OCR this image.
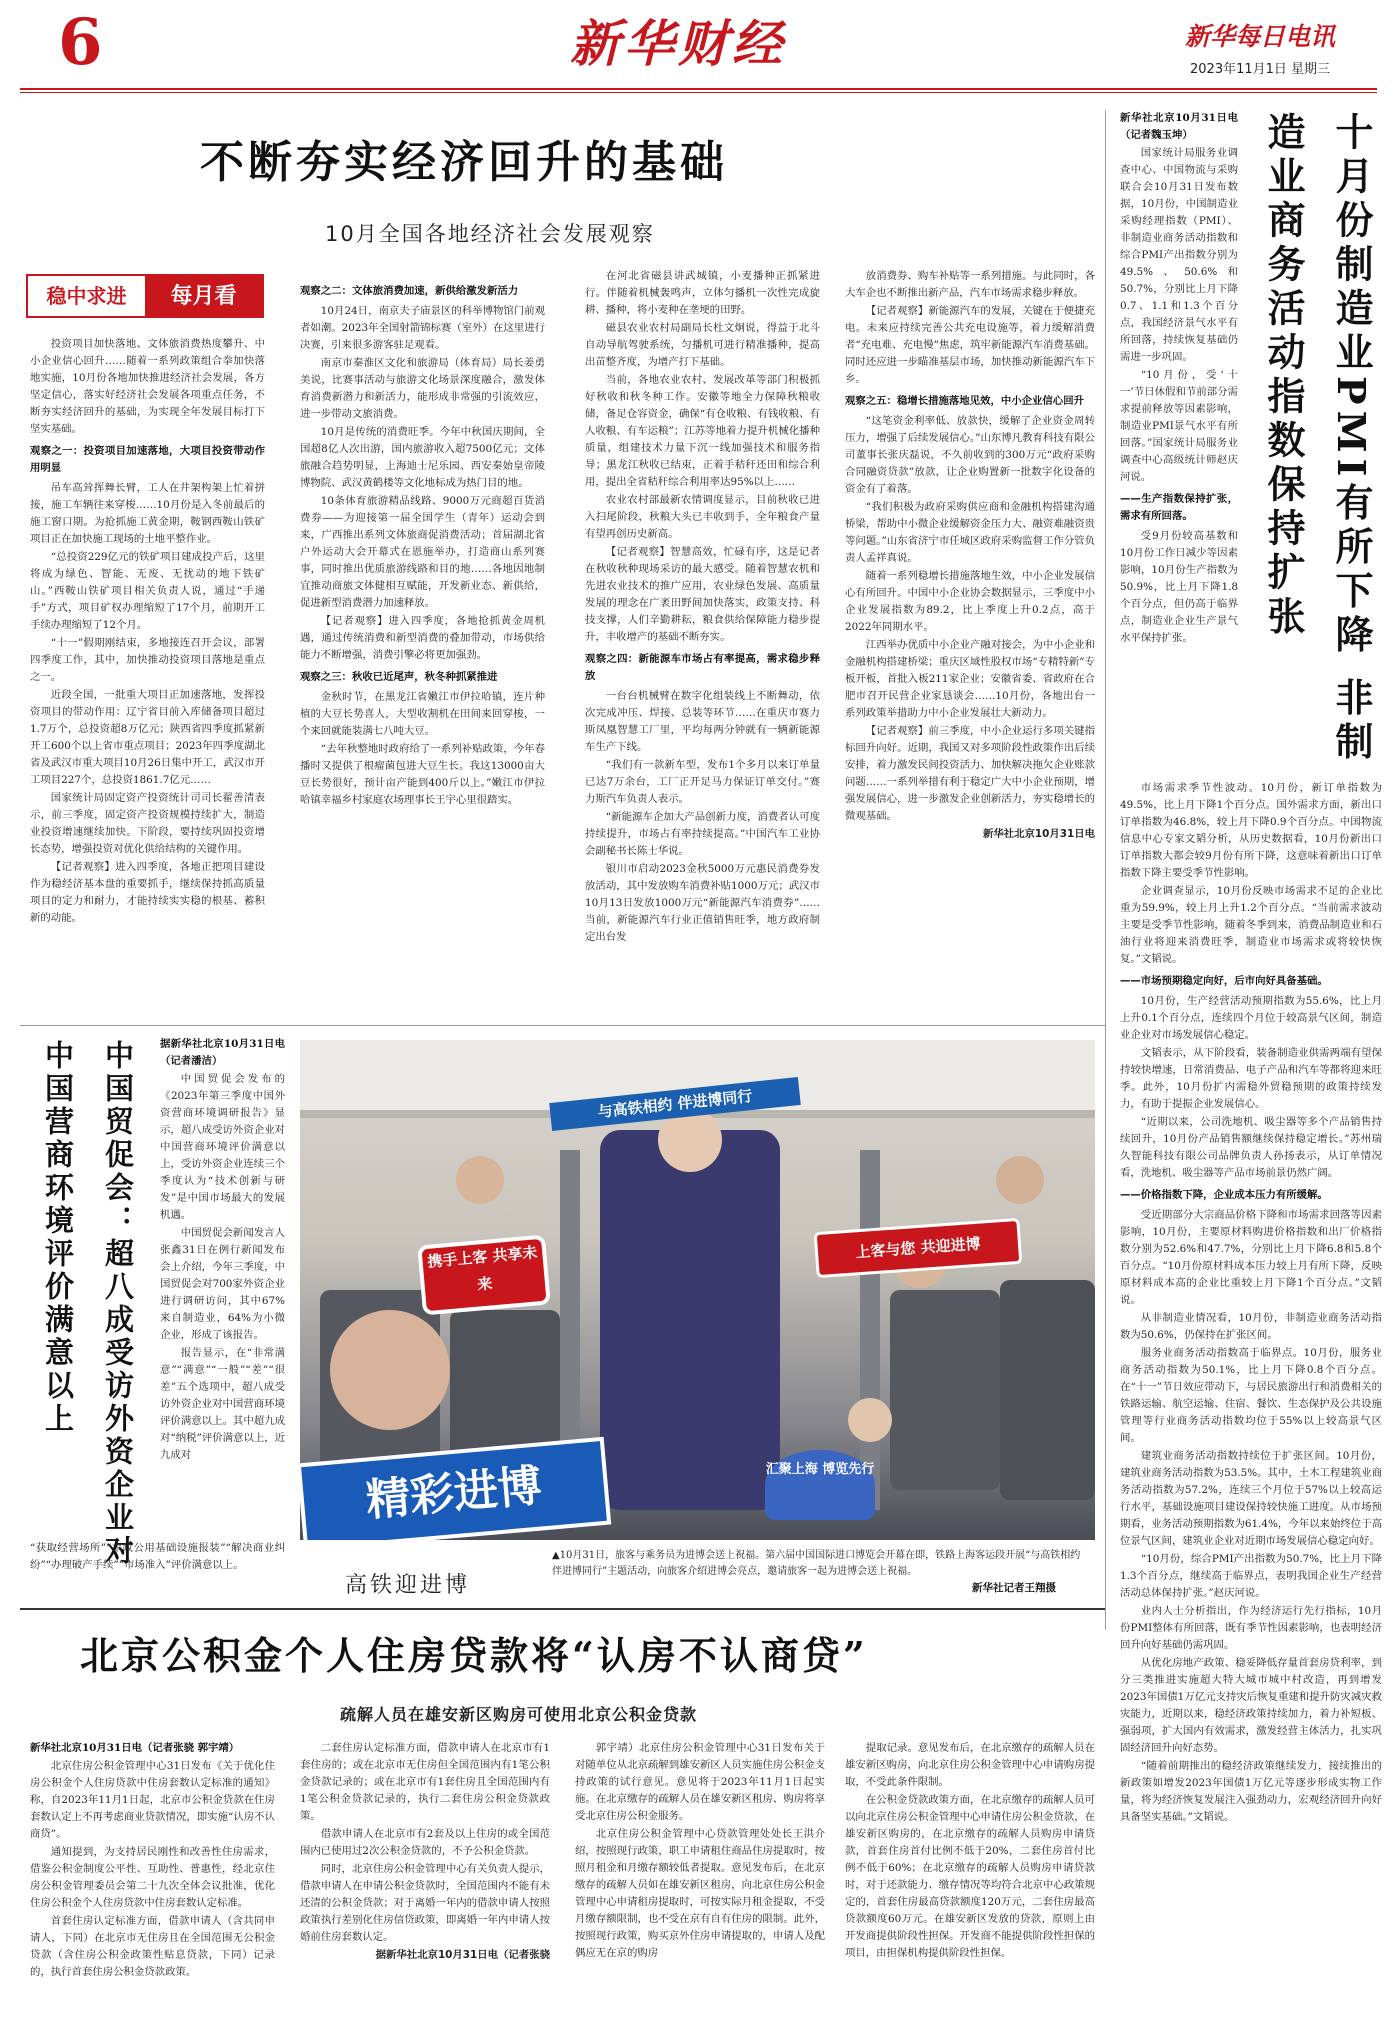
6	新华财经	新华每日电讯
2023年11月1日 星期三
不断夯实经济回升的基础
10月全国各地经济社会发展观察
稳中求进	每月看

投资项目加快落地、文体旅消费热度攀升、中小企业信心回升……随着一系列政策组合拳加快落地实施，10月份各地加快推进经济社会发展，各方坚定信心，落实好经济社会发展各项重点任务，不断夯实经济回升的基础，为实现全年发展目标打下坚实基础。

观察之一：投资项目加速落地，大项目投资带动作用明显

吊车高耸挥舞长臂，工人在井架构架上忙着拼接，施工车辆往来穿梭……10月份是入冬前最后的施工窗口期。为抢抓施工黄金期，鞍钢西鞍山铁矿项目正在加快施工现场的土地平整作业。

“总投资229亿元的铁矿项目建成投产后，这里将成为绿色、智能、无废、无扰动的地下铁矿山。”西鞍山铁矿项目相关负责人说，通过“手递手”方式，项目矿权办理缩短了17个月，前期开工手续办理缩短了12个月。

“十一”假期刚结束，多地接连召开会议，部署四季度工作，其中，加快推动投资项目落地是重点之一。

近段全国，一批重大项目正加速落地，发挥投资项目的带动作用：辽宁省目前入库储备项目超过1.7万个，总投资超8万亿元；陕西省四季度抓紧新开工600个以上省市重点项目；2023年四季度湖北省及武汉市重大项目10月26日集中开工，武汉市开工项目227个，总投资1861.7亿元……

国家统计局固定资产投资统计司司长翟善清表示，前三季度，固定资产投资规模持续扩大，制造业投资增速继续加快。下阶段，要持续巩固投资增长态势，增强投资对优化供给结构的关键作用。

【记者观察】进入四季度，各地正把项目建设作为稳经济基本盘的重要抓手，继续保持抓高质量项目的定力和耐力，才能持续实实稳的根基、蓄积新的动能。

观察之二：文体旅消费加速，新供给激发新活力

10月24日，南京夫子庙景区的科举博物馆门前观者如潮。2023年全国射箭锦标赛（室外）在这里进行决赛，引来很多游客驻足观看。

南京市秦淮区文化和旅游局（体育局）局长姜勇美说，比赛事活动与旅游文化场景深度融合，激发体育消费新潜力和新活力，能形成非常强的引流效应，进一步带动文旅消费。

10月是传统的消费旺季。今年中秋国庆期间，全国超8亿人次出游，国内旅游收入超7500亿元；文体旅融合趋势明显，上海迪士尼乐园、西安秦始皇帝陵博物院、武汉黄鹤楼等文化地标成为热门目的地。

10条体育旅游精品线路、9000万元商超百货消费券——为迎接第一届全国学生（青年）运动会到来，广西推出系列文体旅商促消费活动；首届湖北省户外运动大会开幕式在恩施举办，打造商山系列赛事，同时推出优质旅游线路和目的地……各地因地制宜推动商旅文体健相互赋能，开发新业态、新供给，促进新型消费潜力加速释放。

【记者观察】进入四季度，各地抢抓黄金周机遇，通过传统消费和新型消费的叠加带动，市场供给能力不断增强，消费引擎必将更加强劲。

观察之三：秋收已近尾声，秋冬种抓紧推进

金秋时节，在黑龙江省嫩江市伊拉哈镇，连片种植的大豆长势喜人，大型收割机在田间来回穿梭，一个来回就能装满七八吨大豆。

“去年秋整地时政府给了一系列补贴政策，今年春播时又提供了根瘤菌包进大豆生长。我这13000亩大豆长势很好，预计亩产能到400斤以上。”嫩江市伊拉哈镇幸福乡村家庭农场理事长王宇心里很踏实。

在河北省磁县讲武城镇，小麦播种正抓紧进行。伴随着机械轰鸣声，立体匀播机一次性完成旋耕、播种，将小麦种在垄埂的田野。

磁县农业农村局副局长杜文炯说，得益于北斗自动导航驾驶系统，匀播机可进行精准播种，提高出苗整齐度，为增产打下基础。

当前，各地农业农村、发展改革等部门积极抓好秋收和秋冬种工作。安徽等地全力保障秋粮收储，备足仓容资金，确保“有仓收粮、有钱收粮、有人收粮、有车运粮”；江苏等地着力提升机械化播种质量，组建技术力量下沉一线加强技术和服务指导；黑龙江秋收已结束，正着手秸秆还田和综合利用，提出全省秸秆综合利用率达95%以上……

农业农村部最新农情调度显示，目前秋收已进入扫尾阶段，秋粮大头已丰收到手，全年粮食产量有望再创历史新高。

【记者观察】智慧高效，忙碌有序，这是记者在秋收秋种现场采访的最大感受。随着智慧农机和先进农业技术的推广应用，农业绿色发展、高质量发展的理念在广袤田野间加快落实，政策支持、科技支撑，人们辛勤耕耘，粮食供给保障能力稳步提升，丰收增产的基础不断夯实。

观察之四：新能源车市场占有率提高，需求稳步释放

一台台机械臂在数字化组装线上不断舞动，依次完成冲压、焊接、总装等环节……在重庆市赛力斯凤凰智慧工厂里，平均每两分钟就有一辆新能源车生产下线。

“我们有一款新车型，发布1个多月以来订单量已达7万余台，工厂正开足马力保证订单交付。”赛力斯汽车负责人表示。

“新能源车企加大产品创新力度，消费者认可度持续提升，市场占有率持续提高。”中国汽车工业协会副秘书长陈士华说。

银川市启动2023金秋5000万元惠民消费券发放活动，其中发放购车消费补贴1000万元；武汉市10月13日发放1000万元“新能源汽车消费券”……当前，新能源汽车行业正值销售旺季，地方政府制定出台发

放消费券、购车补贴等一系列措施。与此同时，各大车企也不断推出新产品，汽车市场需求稳步释放。

【记者观察】新能源汽车的发展，关键在于便捷充电。未来应持续完善公共充电设施等，着力缓解消费者“充电难、充电慢”焦虑，筑牢新能源汽车消费基础。同时还应进一步瞄准基层市场，加快推动新能源汽车下乡。

观察之五：稳增长措施落地见效，中小企业信心回升

“这笔资金利率低、放款快，缓解了企业资金周转压力，增强了后续发展信心。”山东博凡教育科技有限公司董事长张庆磊说，不久前收到的300万元“政府采购合同融资贷款”放款，让企业购置新一批数字化设备的资金有了着落。

“我们积极为政府采购供应商和金融机构搭建沟通桥梁，帮助中小微企业缓解资金压力大、融资难融资贵等问题。”山东省济宁市任城区政府采购监督工作分管负责人孟祥真说。

随着一系列稳增长措施落地生效，中小企业发展信心有所回升。中国中小企业协会数据显示，三季度中小企业发展指数为89.2，比上季度上升0.2点，高于2022年同期水平。

江西举办优质中小企业产融对接会，为中小企业和金融机构搭建桥梁；重庆区域性股权市场“专精特新”专板开板，首批入板211家企业；安徽省委、省政府在合肥市召开民营企业家恳谈会……10月份，各地出台一系列政策举措助力中小企业发展壮大新动力。

【记者观察】前三季度，中小企业运行多项关键指标回升向好。近期，我国又对多项阶段性政策作出后续安排，着力激发民间投资活力、加快解决拖欠企业账款问题……一系列举措有利于稳定广大中小企业预期，增强发展信心，进一步激发企业创新活力，夯实稳增长的微观基础。

新华社北京10月31日电

中国贸促会：超八成受访外资企业对中国营商环境评价满意以上	据新华社北京10月31日电（记者潘洁）

中国贸促会发布的《2023年第三季度中国外资营商环境调研报告》显示，超八成受访外资企业对中国营商环境评价满意以上，受访外资企业连续三个季度认为“技术创新与研发”是中国市场最大的发展机遇。

中国贸促会新闻发言人张鑫31日在例行新闻发布会上介绍，今年三季度，中国贸促会对700家外资企业进行调研访问，其中67%来自制造业，64%为小微企业，形成了该报告。

报告显示，在“非常满意”“满意”“一般”“差”“很差”五个选项中，超八成受访外资企业对中国营商环境评价满意以上。其中超九成对“纳税”评价满意以上，近九成对

“获取经营场所”“市政公用基础设施报装”“解决商业纠纷”“办理破产手续”“市场准入”评价满意以上。
与高铁相约 伴进博同行
携手上客 共享未来
上客与您 共迎进博
精彩进博	汇聚上海 博览先行
高铁迎进博
▲10月31日，旅客与乘务员为进博会送上祝福。第六届中国国际进口博览会开幕在即，铁路上海客运段开展“与高铁相约 伴进博同行”主题活动，向旅客介绍进博会亮点，邀请旅客一起为进博会送上祝福。
新华社记者王翔摄
十月份制造业PMI有所下降 非制造业商务活动指数保持扩张

新华社北京10月31日电（记者魏玉坤）

国家统计局服务业调查中心、中国物流与采购联合会10月31日发布数据，10月份，中国制造业采购经理指数（PMI）、非制造业商务活动指数和综合PMI产出指数分别为49.5%、50.6%和50.7%，分别比上月下降0.7、1.1和1.3个百分点，我国经济景气水平有所回落，持续恢复基础仍需进一步巩固。

“10月份，受‘十一’节日休假和节前部分需求提前释放等因素影响，制造业PMI景气水平有所回落。”国家统计局服务业调查中心高级统计师赵庆河说。

——生产指数保持扩张，需求有所回落。

受9月份较高基数和10月份工作日减少等因素影响，10月份生产指数为50.9%，比上月下降1.8个百分点，但仍高于临界点，制造业企业生产景气水平保持扩张。

市场需求季节性波动。10月份，新订单指数为49.5%，比上月下降1个百分点。国外需求方面，新出口订单指数为46.8%，较上月下降0.9个百分点。中国物流信息中心专家文韬分析，从历史数据看，10月份新出口订单指数大都会较9月份有所下降，这意味着新出口订单指数下降主要受季节性影响。

企业调查显示，10月份反映市场需求不足的企业比重为59.9%，较上月上升1.2个百分点。“当前需求波动主要是受季节性影响，随着冬季到来，消费品制造业和石油行业将迎来消费旺季，制造业市场需求或将较快恢复。”文韬说。

——市场预期稳定向好，后市向好具备基础。

10月份，生产经营活动预期指数为55.6%，比上月上升0.1个百分点，连续四个月位于较高景气区间，制造业企业对市场发展信心稳定。

文韬表示，从下阶段看，装备制造业供需两端有望保持较快增速，日常消费品、电子产品和汽车等都将迎来旺季。此外，10月份扩内需稳外贸稳预期的政策持续发力，有助于提振企业发展信心。

“近期以来，公司洗地机、吸尘器等多个产品销售持续回升，10月份产品销售额继续保持稳定增长。”苏州瑞久智能科技有限公司品牌负责人孙扬表示，从订单情况看，洗地机、吸尘器等产品市场前景仍然广阔。

——价格指数下降，企业成本压力有所缓解。

受近期部分大宗商品价格下降和市场需求回落等因素影响，10月份，主要原材料购进价格指数和出厂价格指数分别为52.6%和47.7%，分别比上月下降6.8和5.8个百分点。“10月份原材料成本压力较上月有所下降，反映原材料成本高的企业比重较上月下降1个百分点。”文韬说。

从非制造业情况看，10月份，非制造业商务活动指数为50.6%，仍保持在扩张区间。

服务业商务活动指数高于临界点。10月份，服务业商务活动指数为50.1%，比上月下降0.8个百分点。在“十一”节日效应带动下，与居民旅游出行和消费相关的铁路运输、航空运输、住宿、餐饮、生态保护及公共设施管理等行业商务活动指数均位于55%以上较高景气区间。

建筑业商务活动指数持续位于扩张区间。10月份，建筑业商务活动指数为53.5%。其中，土木工程建筑业商务活动指数为57.2%，连续三个月位于57%以上较高运行水平，基础设施项目建设保持较快施工进度。从市场预期看，业务活动预期指数为61.4%，今年以来始终位于高位景气区间，建筑业企业对近期市场发展信心稳定向好。

“10月份，综合PMI产出指数为50.7%，比上月下降1.3个百分点，继续高于临界点，表明我国企业生产经营活动总体保持扩张。”赵庆河说。

业内人士分析指出，作为经济运行先行指标，10月份PMI整体有所回落，既有季节性因素影响，也表明经济回升向好基础仍需巩固。

从优化房地产政策、稳妥降低存量首套房贷利率，到分三类推进实施超大特大城市城中村改造，再到增发2023年国债1万亿元支持灾后恢复重建和提升防灾减灾救灾能力，近期以来，稳经济政策持续加力，着力补短板、强弱项，扩大国内有效需求，激发经营主体活力，扎实巩固经济回升向好态势。

“随着前期推出的稳经济政策继续发力，接续推出的新政策如增发2023年国债1万亿元等逐步形成实物工作量，将为经济恢复发展注入强劲动力，宏观经济回升向好具备坚实基础。”文韬说。

北京公积金个人住房贷款将“认房不认商贷”
疏解人员在雄安新区购房可使用北京公积金贷款

新华社北京10月31日电（记者张骁 郭宇靖）

北京住房公积金管理中心31日发布《关于优化住房公积金个人住房贷款中住房套数认定标准的通知》称，自2023年11月1日起，北京市公积金贷款在住房套数认定上不再考虑商业贷款情况，即实施“认房不认商贷”。

通知提到，为支持居民刚性和改善性住房需求，借鉴公积金制度公平性、互助性、普惠性，经北京住房公积金管理委员会第二十九次全体会议批准，优化住房公积金个人住房贷款中住房套数认定标准。

首套住房认定标准方面，借款申请人（含共同申请人，下同）在北京市无住房且在全国范围无公积金贷款（含住房公积金政策性贴息贷款，下同）记录的，执行首套住房公积金贷款政策。

二套住房认定标准方面，借款申请人在北京市有1套住房的；或在北京市无住房但全国范围内有1笔公积金贷款记录的；或在北京市有1套住房且全国范围内有1笔公积金贷款记录的，执行二套住房公积金贷款政策。

借款申请人在北京市有2套及以上住房的或全国范围内已使用过2次公积金贷款的，不予公积金贷款。

同时，北京住房公积金管理中心有关负责人提示，借款申请人在申请公积金贷款时，全国范围内不能有未还清的公积金贷款；对于离婚一年内的借款申请人按照政策执行差别化住房信贷政策，即离婚一年内申请人按婚前住房套数认定。

据新华社北京10月31日电（记者张骁

郭宇靖）北京住房公积金管理中心31日发布关于对随单位从北京疏解到雄安新区人员实施住房公积金支持政策的试行意见。意见将于2023年11月1日起实施。在北京缴存的疏解人员在雄安新区租房、购房将享受北京住房公积金服务。

北京住房公积金管理中心贷款管理处处长王洪介绍，按照现行政策，职工申请租住商品住房提取时，按照月租金和月缴存额较低者提取。意见发布后，在北京缴存的疏解人员如在雄安新区租房，向北京住房公积金管理中心申请租房提取时，可按实际月租金提取，不受月缴存额限制，也不受在京有自有住房的限制。此外，按照现行政策，购买京外住房申请提取的，申请人及配偶应无在京的购房

提取记录。意见发布后，在北京缴存的疏解人员在雄安新区购房，向北京住房公积金管理中心申请购房提取，不受此条件限制。

在公积金贷款政策方面，在北京缴存的疏解人员可以向北京住房公积金管理中心申请住房公积金贷款，在雄安新区购房的，在北京缴存的疏解人员购房申请贷款，首套住房首付比例不低于20%，二套住房首付比例不低于60%；在北京缴存的疏解人员购房申请贷款时，对于还款能力、缴存情况等均符合北京中心政策规定的，首套住房最高贷款额度120万元，二套住房最高贷款额度60万元。在雄安新区发放的贷款，原则上由开发商提供阶段性担保。开发商不能提供阶段性担保的项目，由担保机构提供阶段性担保。
